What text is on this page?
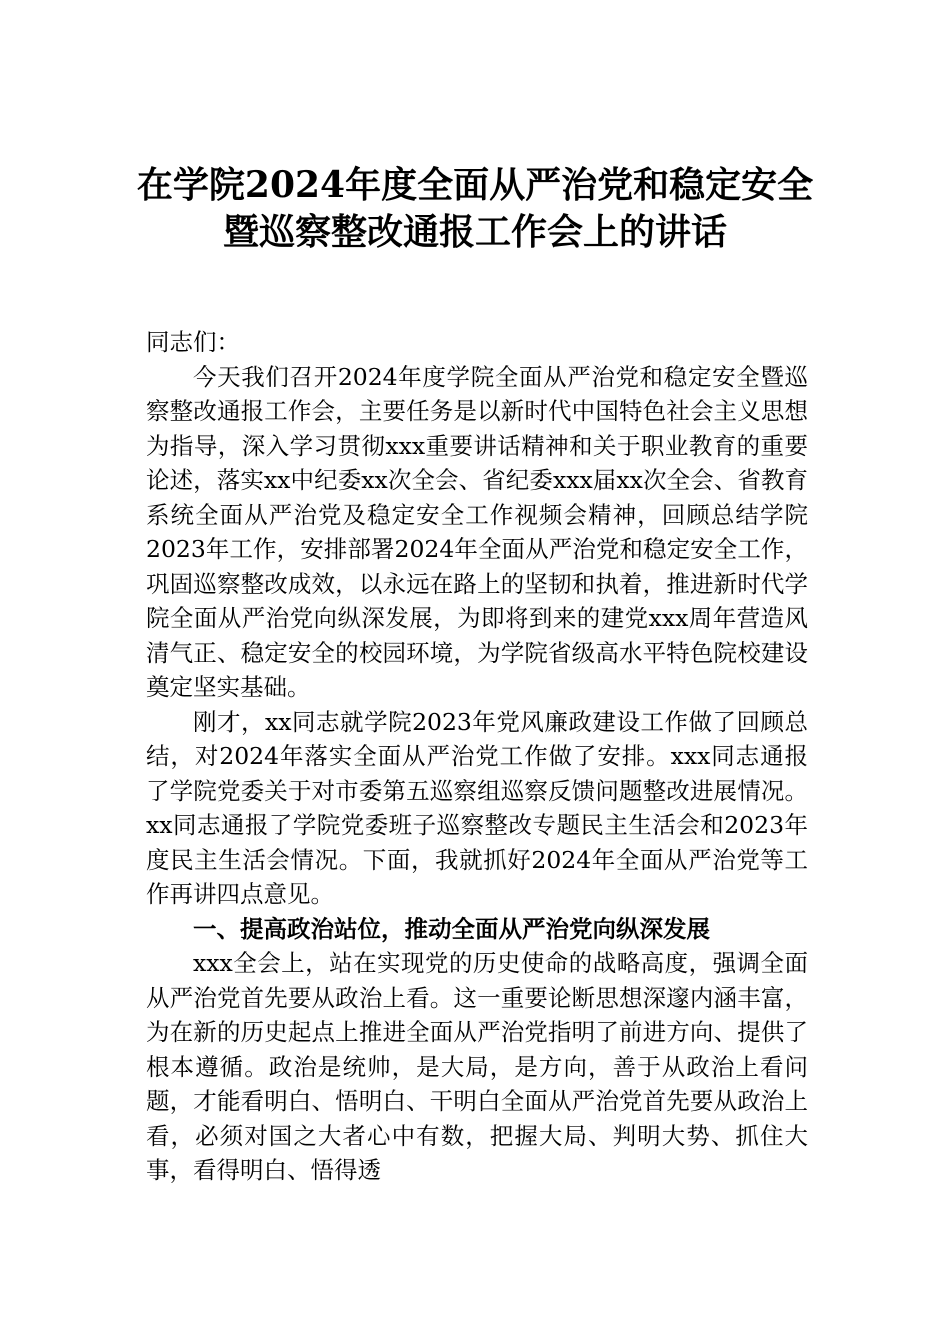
在学院2024年度全面从严治党和稳定安全
暨巡察整改通报工作会上的讲话

同志们：

今天我们召开2024年度学院全面从严治党和稳定安全暨巡察整改通报工作会，主要任务是以新时代中国特色社会主义思想为指导，深入学习贯彻xxx重要讲话精神和关于职业教育的重要论述，落实xx中纪委xx次全会、省纪委xxx届xx次全会、省教育系统全面从严治党及稳定安全工作视频会精神，回顾总结学院2023年工作，安排部署2024年全面从严治党和稳定安全工作，巩固巡察整改成效，以永远在路上的坚韧和执着，推进新时代学院全面从严治党向纵深发展，为即将到来的建党xxx周年营造风清气正、稳定安全的校园环境，为学院省级高水平特色院校建设奠定坚实基础。

刚才，xx同志就学院2023年党风廉政建设工作做了回顾总结，对2024年落实全面从严治党工作做了安排。xxx同志通报了学院党委关于对市委第五巡察组巡察反馈问题整改进展情况。xx同志通报了学院党委班子巡察整改专题民主生活会和2023年度民主生活会情况。下面，我就抓好2024年全面从严治党等工作再讲四点意见。

一、提高政治站位，推动全面从严治党向纵深发展

xxx全会上，站在实现党的历史使命的战略高度，强调全面从严治党首先要从政治上看。这一重要论断思想深邃内涵丰富，为在新的历史起点上推进全面从严治党指明了前进方向、提供了根本遵循。政治是统帅，是大局，是方向，善于从政治上看问题，才能看明白、悟明白、干明白全面从严治党首先要从政治上看，必须对国之大者心中有数，把握大局、判明大势、抓住大事，看得明白、悟得透
